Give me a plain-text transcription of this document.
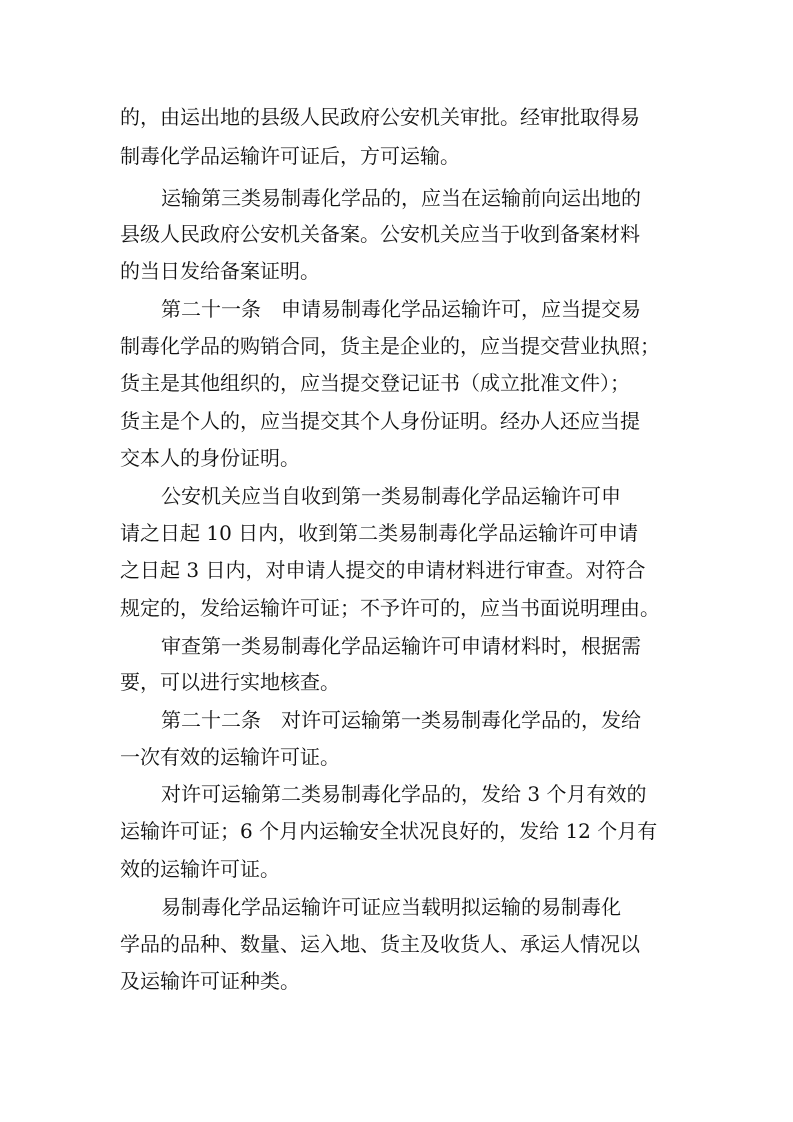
的，由运出地的县级人民政府公安机关审批。经审批取得易

制毒化学品运输许可证后，方可运输。

运输第三类易制毒化学品的，应当在运输前向运出地的

县级人民政府公安机关备案。公安机关应当于收到备案材料

的当日发给备案证明。

第二十一条　申请易制毒化学品运输许可，应当提交易

制毒化学品的购销合同，货主是企业的，应当提交营业执照；

货主是其他组织的，应当提交登记证书（成立批准文件）；

货主是个人的，应当提交其个人身份证明。经办人还应当提

交本人的身份证明。

公安机关应当自收到第一类易制毒化学品运输许可申

请之日起 10 日内，收到第二类易制毒化学品运输许可申请

之日起 3 日内，对申请人提交的申请材料进行审查。对符合

规定的，发给运输许可证；不予许可的，应当书面说明理由。

审查第一类易制毒化学品运输许可申请材料时，根据需

要，可以进行实地核查。

第二十二条　对许可运输第一类易制毒化学品的，发给

一次有效的运输许可证。

对许可运输第二类易制毒化学品的，发给 3 个月有效的

运输许可证；6 个月内运输安全状况良好的，发给 12 个月有

效的运输许可证。

易制毒化学品运输许可证应当载明拟运输的易制毒化

学品的品种、数量、运入地、货主及收货人、承运人情况以

及运输许可证种类。
